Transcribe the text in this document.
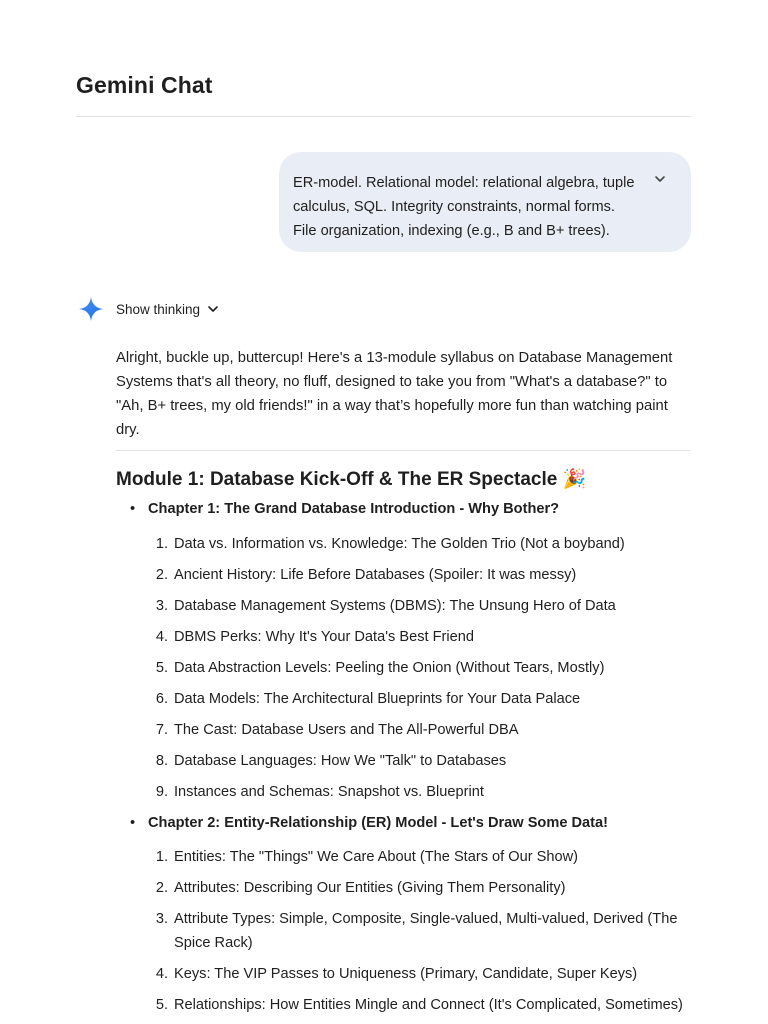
Gemini Chat
ER-model. Relational model: relational algebra, tuple
calculus, SQL. Integrity constraints, normal forms.
File organization, indexing (e.g., B and B+ trees).
Show thinking
Alright, buckle up, buttercup! Here's a 13-module syllabus on Database Management
Systems that's all theory, no fluff, designed to take you from "What's a database?" to
"Ah, B+ trees, my old friends!" in a way that’s hopefully more fun than watching paint
dry.
Module 1: Database Kick-Off & The ER Spectacle 🎉
• Chapter 1: The Grand Database Introduction - Why Bother?
1. Data vs. Information vs. Knowledge: The Golden Trio (Not a boyband)
2. Ancient History: Life Before Databases (Spoiler: It was messy)
3. Database Management Systems (DBMS): The Unsung Hero of Data
4. DBMS Perks: Why It's Your Data's Best Friend
5. Data Abstraction Levels: Peeling the Onion (Without Tears, Mostly)
6. Data Models: The Architectural Blueprints for Your Data Palace
7. The Cast: Database Users and The All-Powerful DBA
8. Database Languages: How We "Talk" to Databases
9. Instances and Schemas: Snapshot vs. Blueprint
• Chapter 2: Entity-Relationship (ER) Model - Let's Draw Some Data!
1. Entities: The "Things" We Care About (The Stars of Our Show)
2. Attributes: Describing Our Entities (Giving Them Personality)
3. Attribute Types: Simple, Composite, Single-valued, Multi-valued, Derived (The
Spice Rack)
4. Keys: The VIP Passes to Uniqueness (Primary, Candidate, Super Keys)
5. Relationships: How Entities Mingle and Connect (It's Complicated, Sometimes)
